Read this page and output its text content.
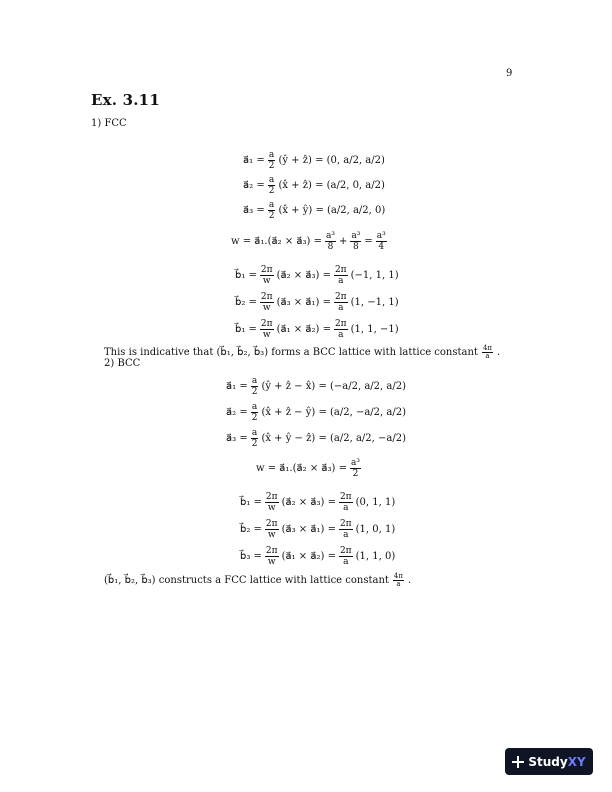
9
Ex. 3.11
1) FCC
a⃗₁ = $\frac{a}{2}$ (ŷ + ẑ) = (0, a/2, a/2)
a⃗₂ = $\frac{a}{2}$ (x̂ + ẑ) = (a/2, 0, a/2)
a⃗₃ = $\frac{a}{2}$ (x̂ + ŷ) = (a/2, a/2, 0)
w = a⃗₁.(a⃗₂ × a⃗₃) = $\frac{\text{a³}}{8} + \frac{\text{a³}}{8} = \frac{\text{a³}}{4}$
b⃗₁ = $\frac{2\pi}{w}$ (a⃗₂ × a⃗₃) = $\frac{2\pi}{a} (-1$, 1, 1)
b⃗₂ = $\frac{2\pi}{w}$ (a⃗₃ × a⃗₁) = $\frac{2\pi}{a} (1$, −1, 1)
b⃗₁ = $\frac{2\pi}{w}$ (a⃗₁ × a⃗₂) = $\frac{2\pi}{a} (1$, 1, −1)
This is indicative that (b⃗₁, b⃗₂, b⃗₃) forms a BCC lattice with lattice constant $\frac{4\pi}{a}$ .
2) BCC
a⃗₁ = $\frac{a}{2}$ (ŷ + ẑ − x̂) = (−a/2, a/2, a/2)
a⃗₂ = $\frac{a}{2}$ (x̂ + ẑ − ŷ) = (a/2, −a/2, a/2)
a⃗₃ = $\frac{a}{2}$ (x̂ + ŷ − ẑ) = (a/2, a/2, −a/2)
w = a⃗₁.(a⃗₂ × a⃗₃) = $\frac{\text{a³}}{2}$
b⃗₁ = $\frac{2\pi}{w}$ (a⃗₂ × a⃗₃) = $\frac{2\pi}{a} (0$, 1, 1)
b⃗₂ = $\frac{2\pi}{w}$ (a⃗₃ × a⃗₁) = $\frac{2\pi}{a} (1$, 0, 1)
b⃗₃ = $\frac{2\pi}{w}$ (a⃗₁ × a⃗₂) = $\frac{2\pi}{a} (1$, 1, 0)
(b⃗₁, b⃗₂, b⃗₃) constructs a FCC lattice with lattice constant $\frac{4\pi}{a}$ .
Study XY
